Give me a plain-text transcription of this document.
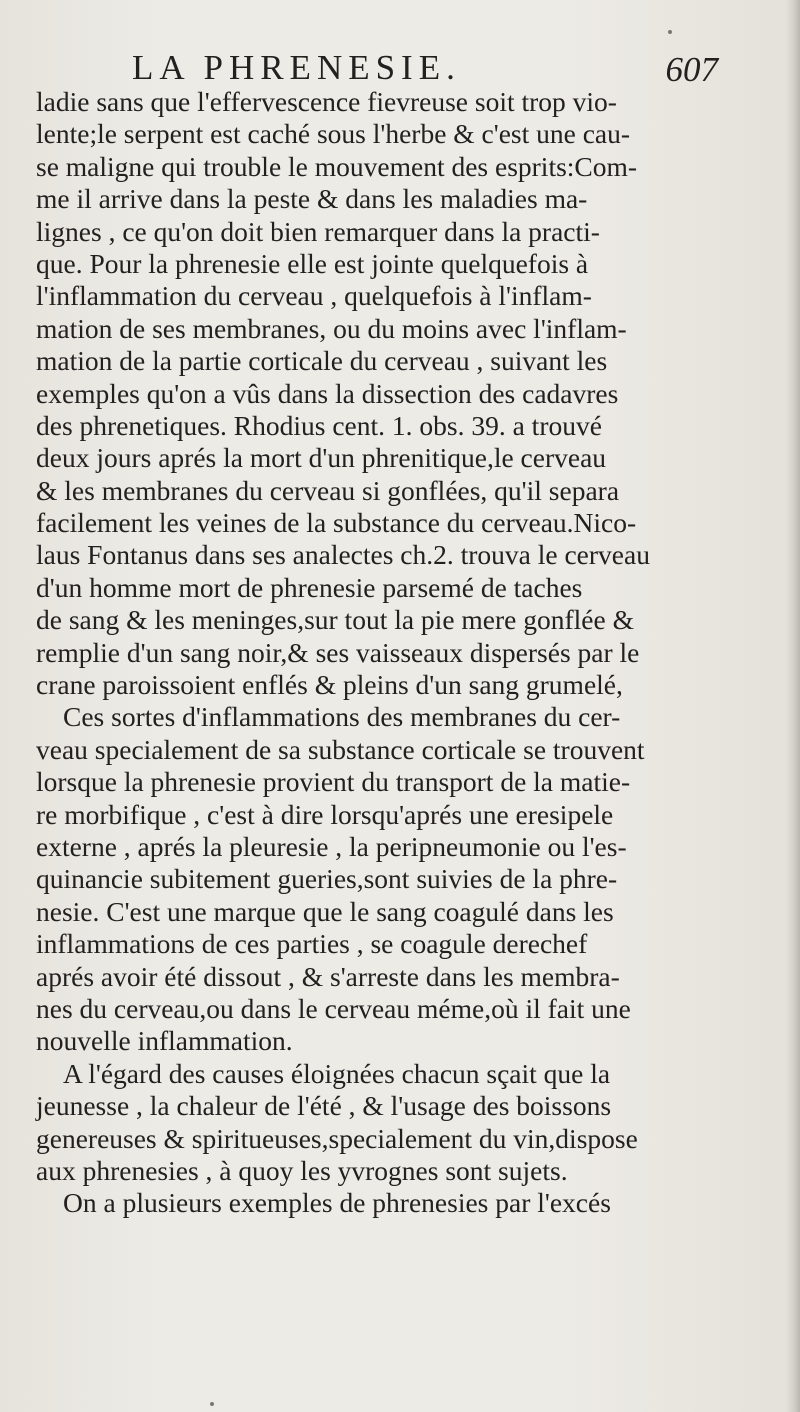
LA PHRENESIE.	607
ladie sans que l'effervescence fievreuse soit trop vio-
lente;le serpent est caché sous l'herbe & c'est une cau-
se maligne qui trouble le mouvement des esprits:Com-
me il arrive dans la peste & dans les maladies ma-
lignes , ce qu'on doit bien remarquer dans la practi-
que. Pour la phrenesie elle est jointe quelquefois à
l'inflammation du cerveau , quelquefois à l'inflam-
mation de ses membranes, ou du moins avec l'inflam-
mation de la partie corticale du cerveau , suivant les
exemples qu'on a vûs dans la dissection des cadavres
des phrenetiques. Rhodius cent. 1. obs. 39. a trouvé
deux jours aprés la mort d'un phrenitique,le cerveau
& les membranes du cerveau si gonflées, qu'il separa
facilement les veines de la substance du cerveau.Nico-
laus Fontanus dans ses analectes ch.2. trouva le cerveau
d'un homme mort de phrenesie parsemé de taches
de sang & les meninges,sur tout la pie mere gonflée &
remplie d'un sang noir,& ses vaisseaux dispersés par le
crane paroissoient enflés & pleins d'un sang grumelé,
Ces sortes d'inflammations des membranes du cer-
veau specialement de sa substance corticale se trouvent
lorsque la phrenesie provient du transport de la matie-
re morbifique , c'est à dire lorsqu'aprés une eresipele
externe , aprés la pleuresie , la peripneumonie ou l'es-
quinancie subitement gueries,sont suivies de la phre-
nesie. C'est une marque que le sang coagulé dans les
inflammations de ces parties , se coagule derechef
aprés avoir été dissout , & s'arreste dans les membra-
nes du cerveau,ou dans le cerveau méme,où il fait une
nouvelle inflammation.
A l'égard des causes éloignées chacun sçait que la
jeunesse , la chaleur de l'été , & l'usage des boissons
genereuses & spiritueuses,specialement du vin,dispose
aux phrenesies , à quoy les yvrognes sont sujets.
On a plusieurs exemples de phrenesies par l'excés
